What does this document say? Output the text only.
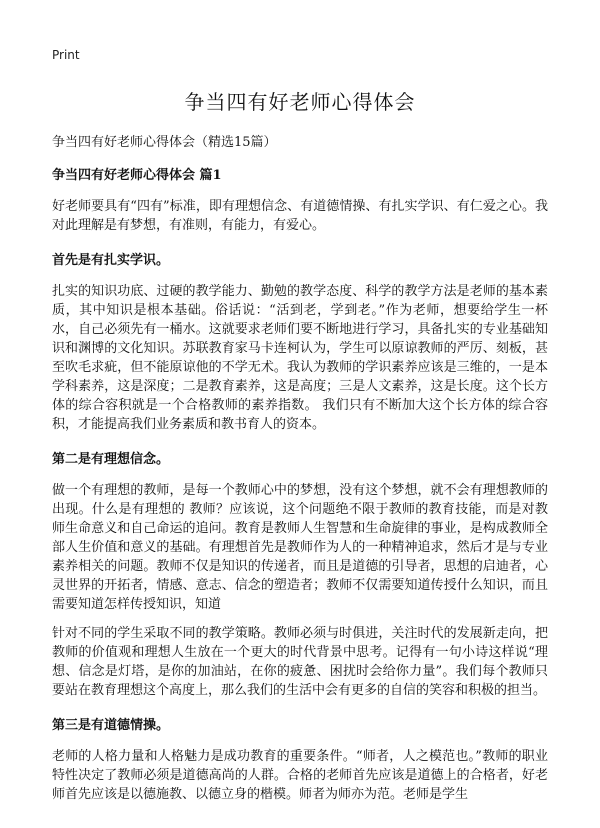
Print
争当四有好老师心得体会

争当四有好老师心得体会（精选15篇）

争当四有好老师心得体会 篇1

好老师要具有“四有”标准，即有理想信念、有道德情操、有扎实学识、有仁爱之心。我对此理解是有梦想，有准则，有能力，有爱心。

首先是有扎实学识。

扎实的知识功底、过硬的教学能力、勤勉的教学态度、科学的教学方法是老师的基本素质，其中知识是根本基础。俗话说：“活到老，学到老。”作为老师，想要给学生一杯水，自己必须先有一桶水。这就要求老师们要不断地进行学习，具备扎实的专业基础知识和渊博的文化知识。苏联教育家马卡连柯认为，学生可以原谅教师的严厉、刻板，甚至吹毛求疵，但不能原谅他的不学无术。我认为教师的学识素养应该是三维的，一是本学科素养，这是深度；二是教育素养，这是高度；三是人文素养，这是长度。这个长方体的综合容积就是一个合格教师的素养指数。 我们只有不断加大这个长方体的综合容积，才能提高我们业务素质和教书育人的资本。

第二是有理想信念。

做一个有理想的教师，是每一个教师心中的梦想，没有这个梦想，就不会有理想教师的出现。什么是有理想的 教师？应该说，这个问题绝不限于教师的教育技能，而是对教师生命意义和自己命运的追问。教育是教师人生智慧和生命旋律的事业，是构成教师全部人生价值和意义的基础。有理想首先是教师作为人的一种精神追求，然后才是与专业素养相关的问题。教师不仅是知识的传递者，而且是道德的引导者，思想的启迪者，心灵世界的开拓者，情感、意志、信念的塑造者；教师不仅需要知道传授什么知识，而且需要知道怎样传授知识，知道

针对不同的学生采取不同的教学策略。教师必须与时俱进，关注时代的发展新走向，把教师的价值观和理想人生放在一个更大的时代背景中思考。记得有一句小诗这样说“理想、信念是灯塔，是你的加油站，在你的疲惫、困扰时会给你力量”。我们每个教师只要站在教育理想这个高度上，那么我们的生活中会有更多的自信的笑容和积极的担当。

第三是有道德情操。

老师的人格力量和人格魅力是成功教育的重要条件。“师者，人之模范也。”教师的职业特性决定了教师必须是道德高尚的人群。合格的老师首先应该是道德上的合格者，好老师首先应该是以德施教、以德立身的楷模。师者为师亦为范。老师是学生
